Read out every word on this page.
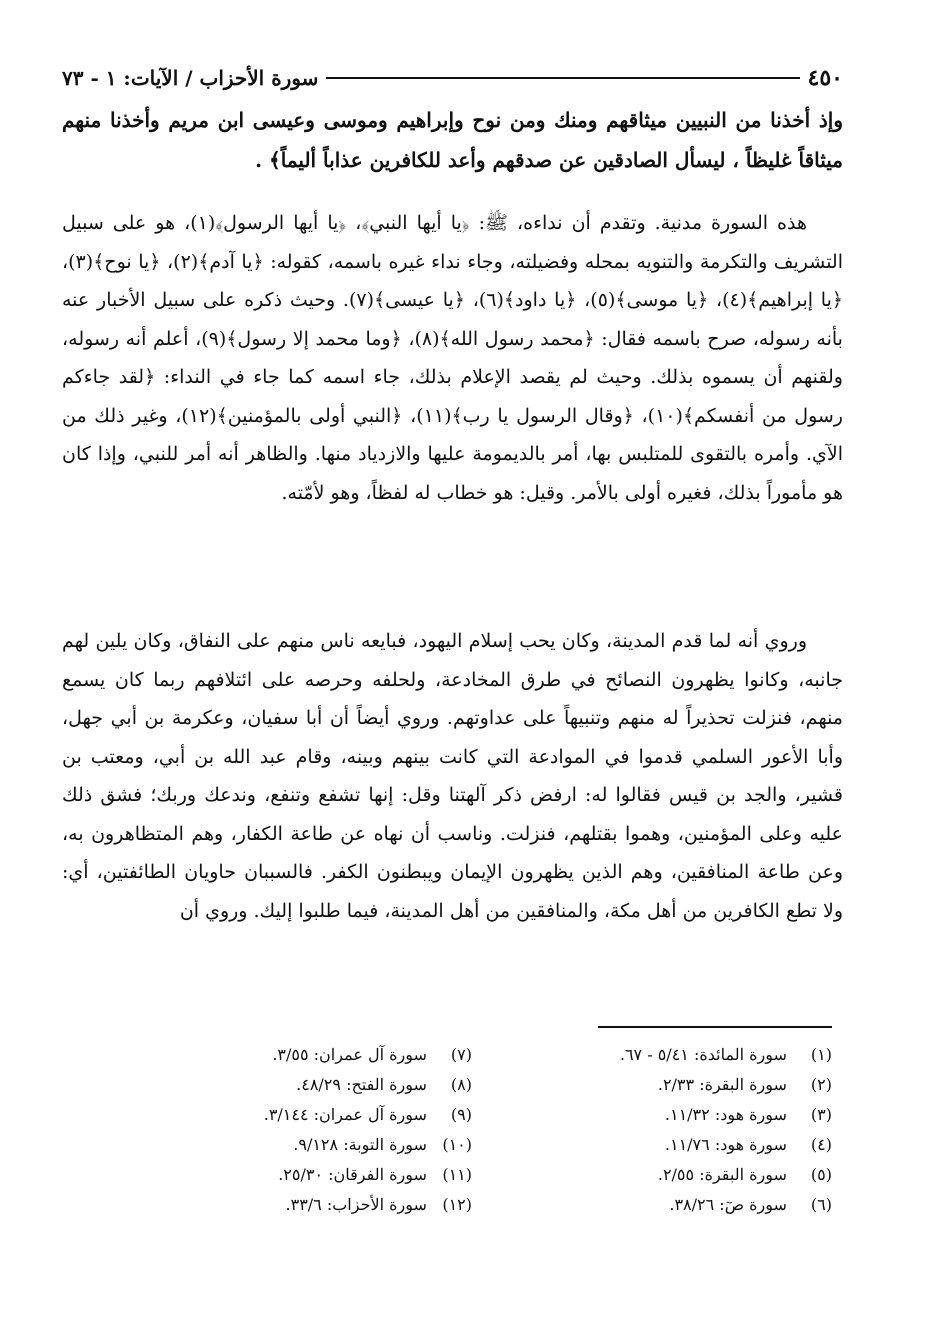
٤٥٠
سورة الأحزاب / الآيات: ١ - ٧٣
وإذ أخذنا من النبيين ميثاقهم ومنك ومن نوح وإبراهيم وموسى وعيسى ابن مريم وأخذنا منهم ميثاقاً غليظاً ، ليسأل الصادقين عن صدقهم وأعد للكافرين عذاباً أليماً﴾ .

هذه السورة مدنية. وتقدم أن نداءه، ﷺ: ﴿يا أيها النبي﴾، ﴿يا أيها الرسول﴾(١)، هو على سبيل التشريف والتكرمة والتنويه بمحله وفضيلته، وجاء نداء غيره باسمه، كقوله: ﴿يا آدم﴾(٢)، ﴿يا نوح﴾(٣)، ﴿يا إبراهيم﴾(٤)، ﴿يا موسى﴾(٥)، ﴿يا داود﴾(٦)، ﴿يا عيسى﴾(٧). وحيث ذكره على سبيل الأخبار عنه بأنه رسوله، صرح باسمه فقال: ﴿محمد رسول الله﴾(٨)، ﴿وما محمد إلا رسول﴾(٩)، أعلم أنه رسوله، ولقنهم أن يسموه بذلك. وحيث لم يقصد الإعلام بذلك، جاء اسمه كما جاء في النداء: ﴿لقد جاءكم رسول من أنفسكم﴾(١٠)، ﴿وقال الرسول يا رب﴾(١١)، ﴿النبي أولى بالمؤمنين﴾(١٢)، وغير ذلك من الآي. وأمره بالتقوى للمتلبس بها، أمر بالديمومة عليها والازدياد منها. والظاهر أنه أمر للنبي، وإذا كان هو مأموراً بذلك، فغيره أولى بالأمر. وقيل: هو خطاب له لفظاً، وهو لأمّته.

وروي أنه لما قدم المدينة، وكان يحب إسلام اليهود، فبايعه ناس منهم على النفاق، وكان يلين لهم جانبه، وكانوا يظهرون النصائح في طرق المخادعة، ولحلفه وحرصه على ائتلافهم ربما كان يسمع منهم، فنزلت تحذيراً له منهم وتنبيهاً على عداوتهم. وروي أيضاً أن أبا سفيان، وعكرمة بن أبي جهل، وأبا الأعور السلمي قدموا في الموادعة التي كانت بينهم وبينه، وقام عبد الله بن أبي، ومعتب بن قشير، والجد بن قيس فقالوا له: ارفض ذكر آلهتنا وقل: إنها تشفع وتنفع، وندعك وربك؛ فشق ذلك عليه وعلى المؤمنين، وهموا بقتلهم، فنزلت. وناسب أن نهاه عن طاعة الكفار، وهم المتظاهرون به، وعن طاعة المنافقين، وهم الذين يظهرون الإيمان ويبطنون الكفر. فالسببان حاويان الطائفتين، أي: ولا تطع الكافرين من أهل مكة، والمنافقين من أهل المدينة، فيما طلبوا إليك. وروي أن

(١) سورة المائدة: ٥/٤١ - ٦٧.
(٢) سورة البقرة: ٢/٣٣.
(٣) سورة هود: ١١/٣٢.
(٤) سورة هود: ١١/٧٦.
(٥) سورة البقرة: ٢/٥٥.
(٦) سورة صٓ: ٣٨/٢٦.
(٧) سورة آل عمران: ٣/٥٥.
(٨) سورة الفتح: ٤٨/٢٩.
(٩) سورة آل عمران: ٣/١٤٤.
(١٠) سورة التوبة: ٩/١٢٨.
(١١) سورة الفرقان: ٢٥/٣٠.
(١٢) سورة الأحزاب: ٣٣/٦.
